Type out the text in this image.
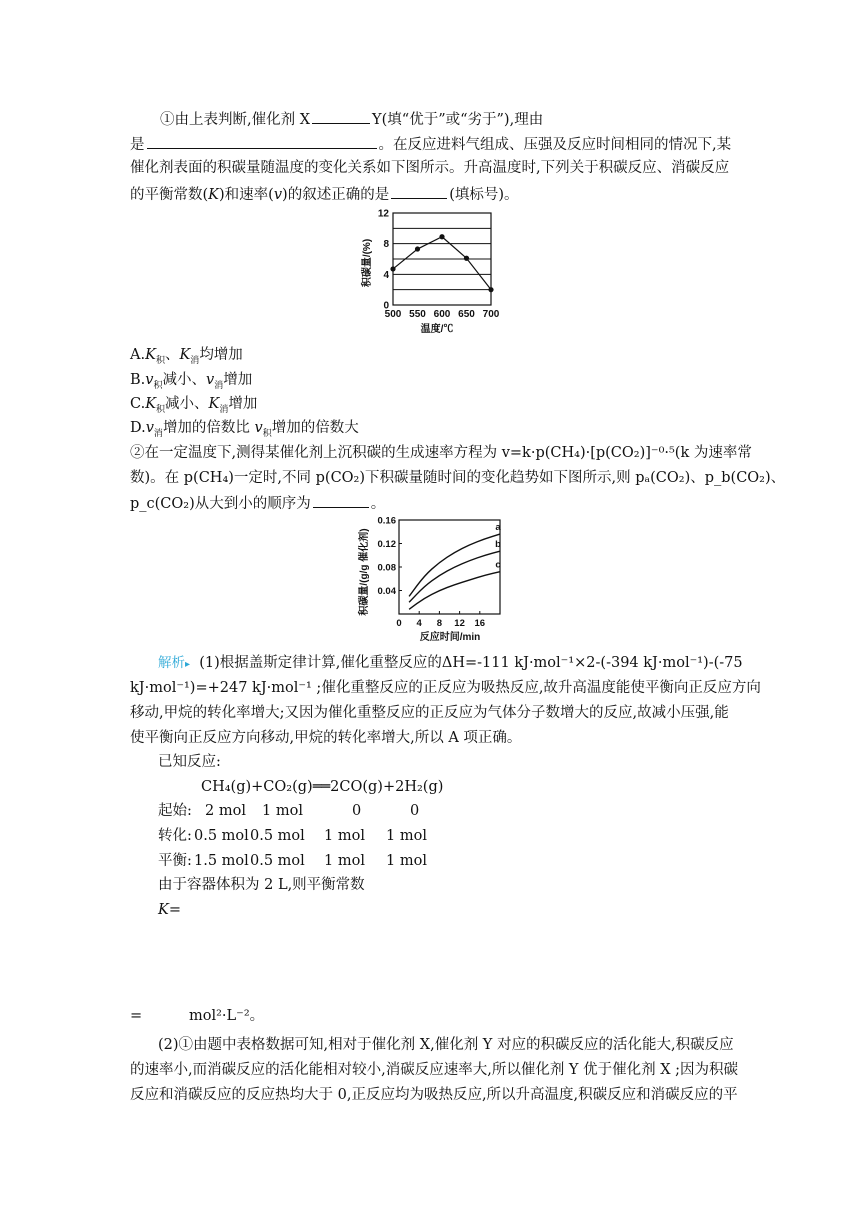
①由上表判断,催化剂 X	Y(填“优于”或“劣于”),理由
是	。在反应进料气组成、压强及反应时间相同的情况下,某
催化剂表面的积碳量随温度的变化关系如下图所示。升高温度时,下列关于积碳反应、消碳反应
的平衡常数(K)和速率(v)的叙述正确的是	(填标号)。
0
4
8
12
500 550 600 650 700
温度/℃
积碳量/(%)
$A.K_积$、$K_消$均增加
$B.v_积$减小、$v_消$增加
$C.K_积$减小、$K_消$增加
$D.v_消$增加的倍数比 $v_积$增加的倍数大
②在一定温度下,测得某催化剂上沉积碳的生成速率方程为 v=k·p(CH₄)·[p(CO₂)]⁻⁰·⁵(k 为速率常
数)。在 p(CH₄)一定时,不同 p(CO₂)下积碳量随时间的变化趋势如下图所示,则 pₐ(CO₂)、p_b(CO₂)、
p_c(CO₂)从大到小的顺序为	。
0.04
0.08
0.12
0.16
0 4 8 12 16
a
b
c
反应时间/min
积碳量/(g/g 催化剂)
解析▸ (1)根据盖斯定律计算,催化重整反应的ΔH=-111 kJ·mol⁻¹×2-(-394 kJ·mol⁻¹)-(-75
kJ·mol⁻¹)=+247 kJ·mol⁻¹ ;催化重整反应的正反应为吸热反应,故升高温度能使平衡向正反应方向
移动,甲烷的转化率增大;又因为催化重整反应的正反应为气体分子数增大的反应,故减小压强,能
使平衡向正反应方向移动,甲烷的转化率增大,所以 A 项正确。
已知反应:
CH₄(g)+CO₂(g)══2CO(g)+2H₂(g)
起始: 2 mol 1 mol	0	0
转化: 0.5 mol 0.5 mol 1 mol 1 mol
平衡: 1.5 mol 0.5 mol 1 mol 1 mol
由于容器体积为 2 L,则平衡常数
K=
=	mol²·L⁻²。
(2)①由题中表格数据可知,相对于催化剂 X,催化剂 Y 对应的积碳反应的活化能大,积碳反应
的速率小,而消碳反应的活化能相对较小,消碳反应速率大,所以催化剂 Y 优于催化剂 X ;因为积碳
反应和消碳反应的反应热均大于 0,正反应均为吸热反应,所以升高温度,积碳反应和消碳反应的平
